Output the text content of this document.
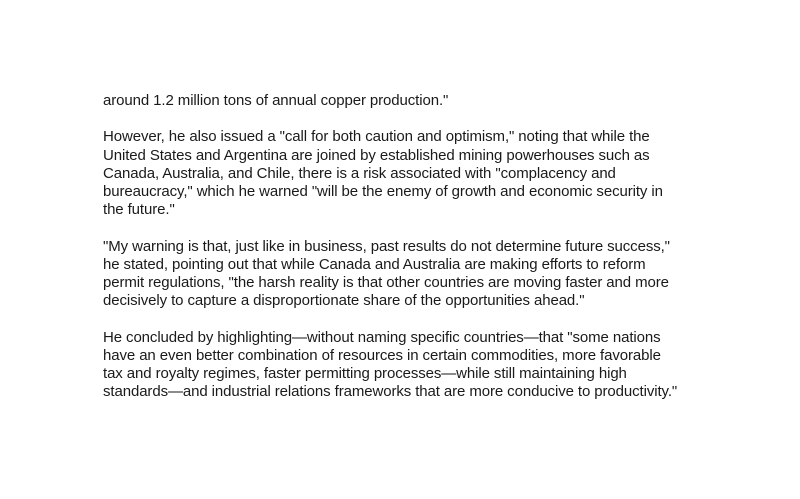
around 1.2 million tons of annual copper production."

However, he also issued a "call for both caution and optimism," noting that while the
United States and Argentina are joined by established mining powerhouses such as
Canada, Australia, and Chile, there is a risk associated with "complacency and
bureaucracy," which he warned "will be the enemy of growth and economic security in
the future."

"My warning is that, just like in business, past results do not determine future success,"
he stated, pointing out that while Canada and Australia are making efforts to reform
permit regulations, "the harsh reality is that other countries are moving faster and more
decisively to capture a disproportionate share of the opportunities ahead."

He concluded by highlighting—without naming specific countries—that "some nations
have an even better combination of resources in certain commodities, more favorable
tax and royalty regimes, faster permitting processes—while still maintaining high
standards—and industrial relations frameworks that are more conducive to productivity."
